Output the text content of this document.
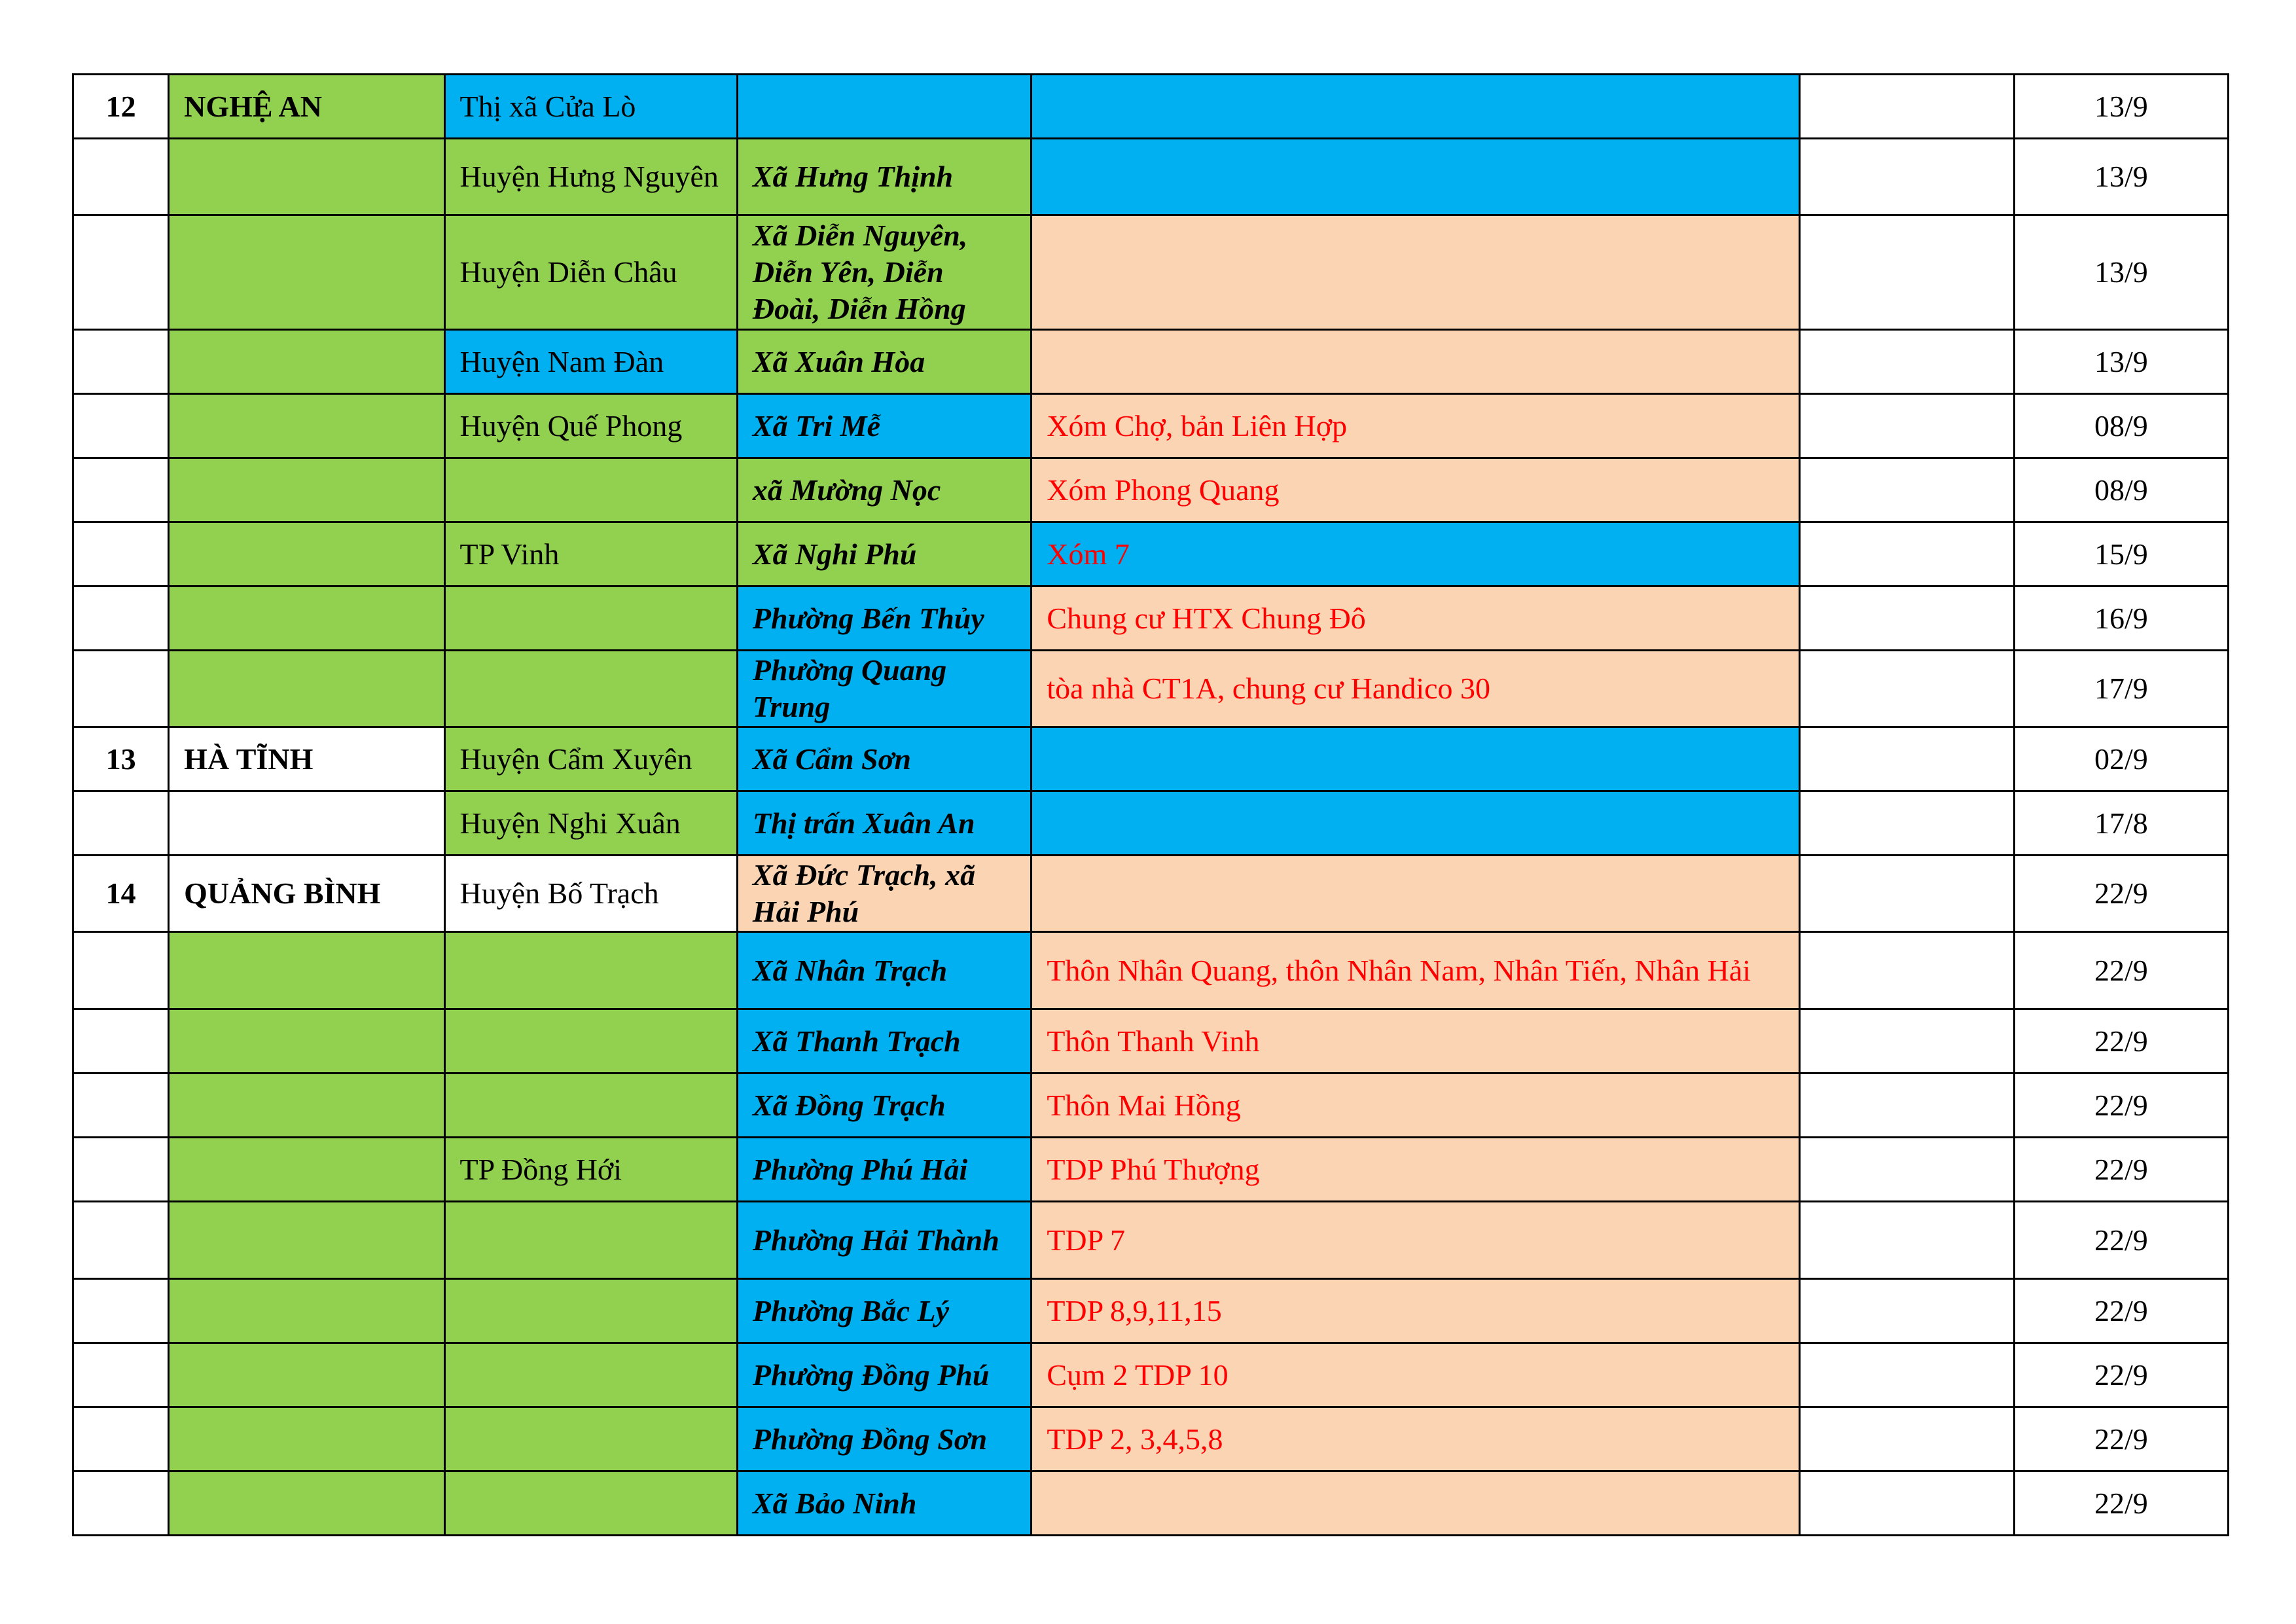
12	NGHỆ AN	Thị xã Cửa Lò				13/9
		Huyện Hưng Nguyên	Xã Hưng Thịnh			13/9
		Huyện Diễn Châu	Xã Diễn Nguyên, Diễn Yên, Diễn Đoài, Diễn Hồng			13/9
		Huyện Nam Đàn	Xã Xuân Hòa			13/9
		Huyện Quế Phong	Xã Tri Mễ	Xóm Chợ, bản Liên Hợp		08/9
			xã Mường Nọc	Xóm Phong Quang		08/9
		TP Vinh	Xã Nghi Phú	Xóm 7		15/9
			Phường Bến Thủy	Chung cư HTX Chung Đô		16/9
			Phường Quang Trung	tòa nhà CT1A, chung cư Handico 30		17/9
13	HÀ TĨNH	Huyện Cẩm Xuyên	Xã Cẩm Sơn			02/9
		Huyện Nghi Xuân	Thị trấn Xuân An			17/8
14	QUẢNG BÌNH	Huyện Bố Trạch	Xã Đức Trạch, xã Hải Phú			22/9
			Xã Nhân Trạch	Thôn Nhân Quang, thôn Nhân Nam, Nhân Tiến, Nhân Hải		22/9
			Xã Thanh Trạch	Thôn Thanh Vinh		22/9
			Xã Đồng Trạch	Thôn Mai Hồng		22/9
		TP Đồng Hới	Phường Phú Hải	TDP Phú Thượng		22/9
			Phường Hải Thành	TDP 7		22/9
			Phường Bắc Lý	TDP 8,9,11,15		22/9
			Phường Đồng Phú	Cụm 2 TDP 10		22/9
			Phường Đồng Sơn	TDP 2, 3,4,5,8		22/9
			Xã Bảo Ninh			22/9
